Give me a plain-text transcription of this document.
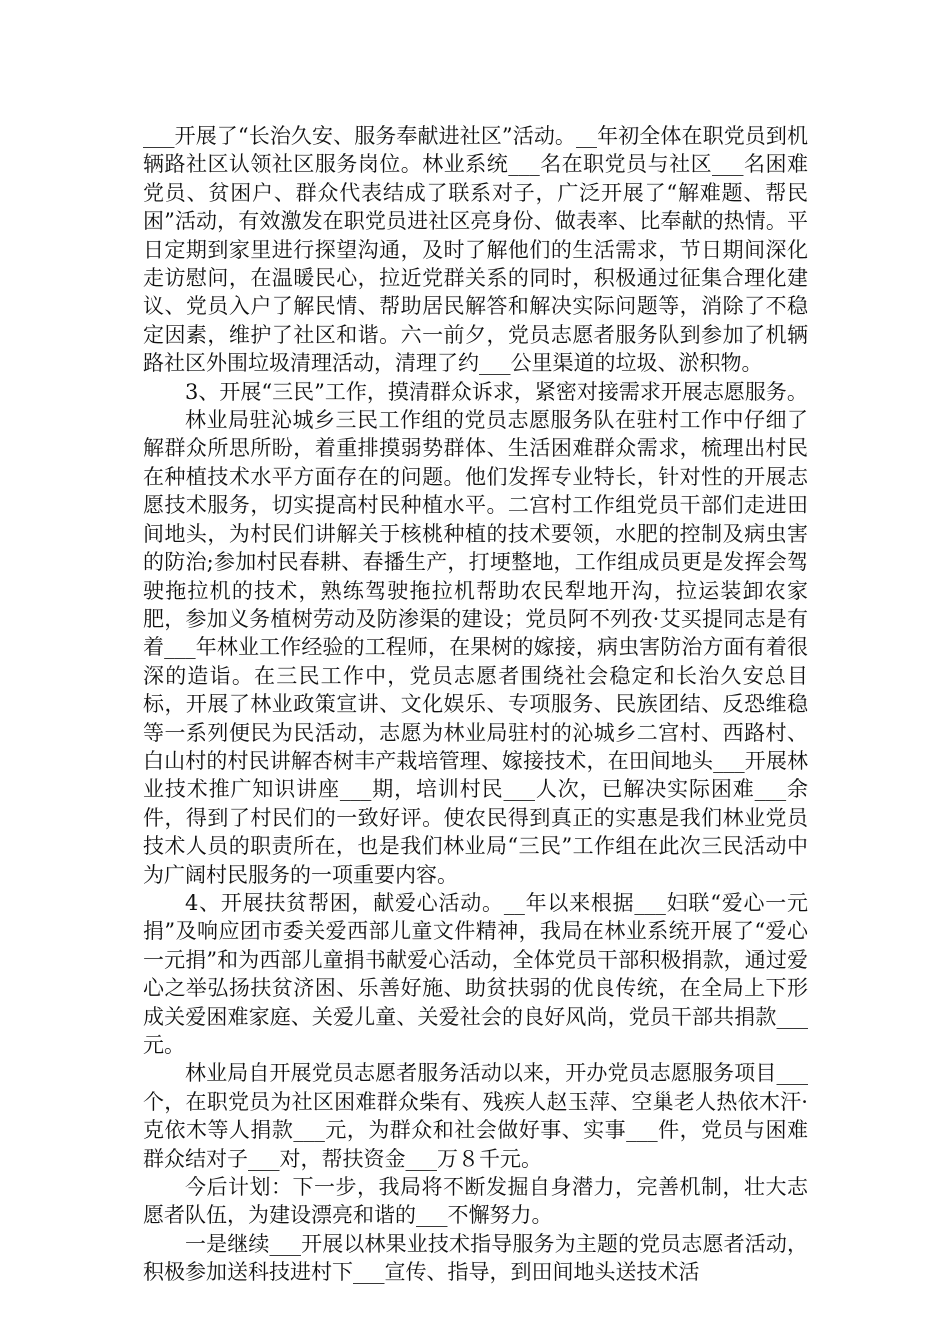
___开展了“长治久安、服务奉献进社区”活动。__年初全体在职党员到机辆路社区认领社区服务岗位。林业系统___名在职党员与社区___名困难党员、贫困户、群众代表结成了联系对子，广泛开展了“解难题、帮民困”活动，有效激发在职党员进社区亮身份、做表率、比奉献的热情。平日定期到家里进行探望沟通，及时了解他们的生活需求，节日期间深化走访慰问，在温暖民心，拉近党群关系的同时，积极通过征集合理化建议、党员入户了解民情、帮助居民解答和解决实际问题等，消除了不稳定因素，维护了社区和谐。六一前夕，党员志愿者服务队到参加了机辆路社区外围垃圾清理活动，清理了约___公里渠道的垃圾、淤积物。

3、开展“三民”工作，摸清群众诉求，紧密对接需求开展志愿服务。

林业局驻沁城乡三民工作组的党员志愿服务队在驻村工作中仔细了解群众所思所盼，着重排摸弱势群体、生活困难群众需求，梳理出村民在种植技术水平方面存在的问题。他们发挥专业特长，针对性的开展志愿技术服务，切实提高村民种植水平。二宫村工作组党员干部们走进田间地头，为村民们讲解关于核桃种植的技术要领，水肥的控制及病虫害的防治;参加村民春耕、春播生产，打埂整地，工作组成员更是发挥会驾驶拖拉机的技术，熟练驾驶拖拉机帮助农民犁地开沟，拉运装卸农家肥，参加义务植树劳动及防渗渠的建设；党员阿不列孜·艾买提同志是有着___年林业工作经验的工程师，在果树的嫁接，病虫害防治方面有着很深的造诣。在三民工作中，党员志愿者围绕社会稳定和长治久安总目标，开展了林业政策宣讲、文化娱乐、专项服务、民族团结、反恐维稳等一系列便民为民活动，志愿为林业局驻村的沁城乡二宫村、西路村、白山村的村民讲解杏树丰产栽培管理、嫁接技术，在田间地头___开展林业技术推广知识讲座___期，培训村民___人次，已解决实际困难___余件，得到了村民们的一致好评。使农民得到真正的实惠是我们林业党员技术人员的职责所在，也是我们林业局“三民”工作组在此次三民活动中为广阔村民服务的一项重要内容。

4、开展扶贫帮困，献爱心活动。__年以来根据___妇联“爱心一元捐”及响应团市委关爱西部儿童文件精神，我局在林业系统开展了“爱心一元捐”和为西部儿童捐书献爱心活动，全体党员干部积极捐款，通过爱心之举弘扬扶贫济困、乐善好施、助贫扶弱的优良传统，在全局上下形成关爱困难家庭、关爱儿童、关爱社会的良好风尚，党员干部共捐款___元。

林业局自开展党员志愿者服务活动以来，开办党员志愿服务项目___个，在职党员为社区困难群众柴有、残疾人赵玉萍、空巢老人热依木汗·克依木等人捐款___元，为群众和社会做好事、实事___件，党员与困难群众结对子___对，帮扶资金___万８千元。

今后计划：下一步，我局将不断发掘自身潜力，完善机制，壮大志愿者队伍，为建设漂亮和谐的___不懈努力。

一是继续___开展以林果业技术指导服务为主题的党员志愿者活动，积极参加送科技进村下___宣传、指导，到田间地头送技术活
